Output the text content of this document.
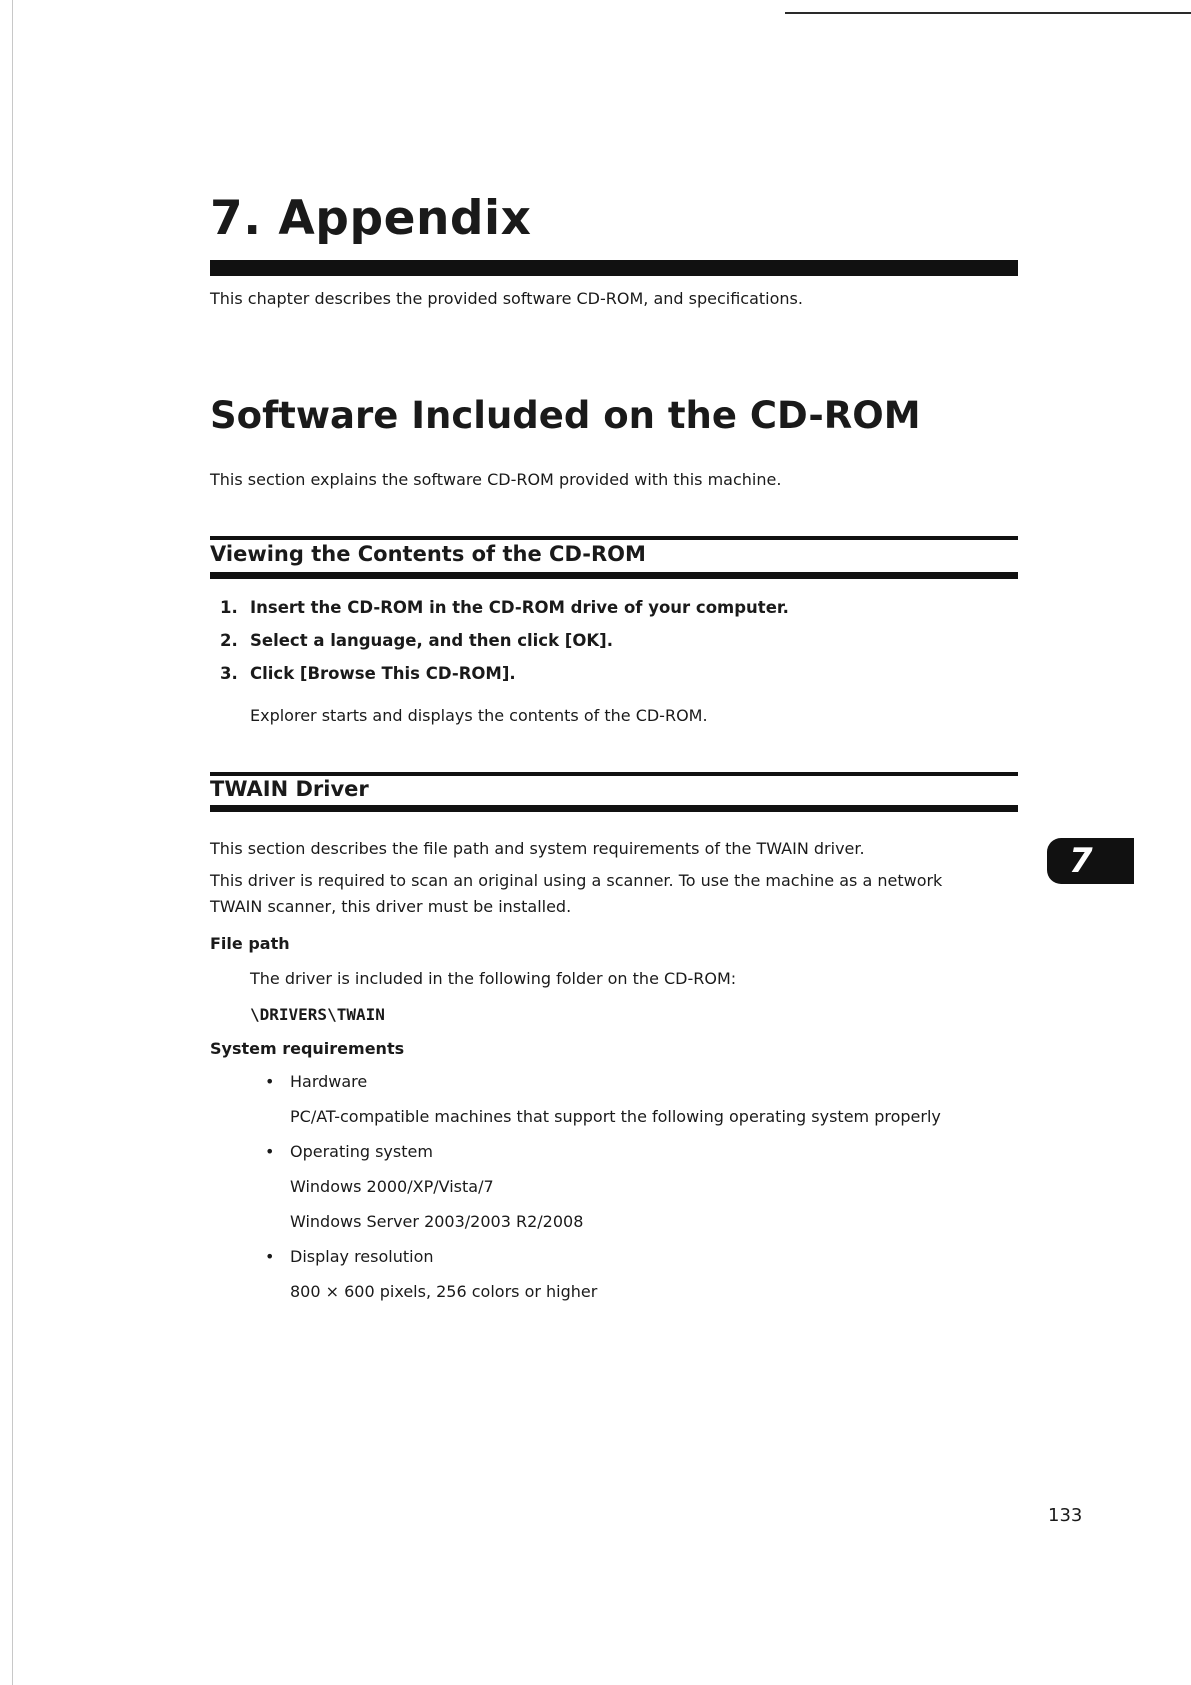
7. Appendix

This chapter describes the provided software CD-ROM, and specifications.

Software Included on the CD-ROM

This section explains the software CD-ROM provided with this machine.

Viewing the Contents of the CD-ROM
1. Insert the CD-ROM in the CD-ROM drive of your computer.
2. Select a language, and then click [OK].
3. Click [Browse This CD-ROM].

Explorer starts and displays the contents of the CD-ROM.

TWAIN Driver

This section describes the file path and system requirements of the TWAIN driver.

This driver is required to scan an original using a scanner. To use the machine as a network TWAIN scanner, this driver must be installed.

File path
The driver is included in the following folder on the CD-ROM:
\DRIVERS\TWAIN
System requirements
• Hardware
PC/AT-compatible machines that support the following operating system properly
• Operating system
Windows 2000/XP/Vista/7
Windows Server 2003/2003 R2/2008
• Display resolution
800 × 600 pixels, 256 colors or higher
7
133
